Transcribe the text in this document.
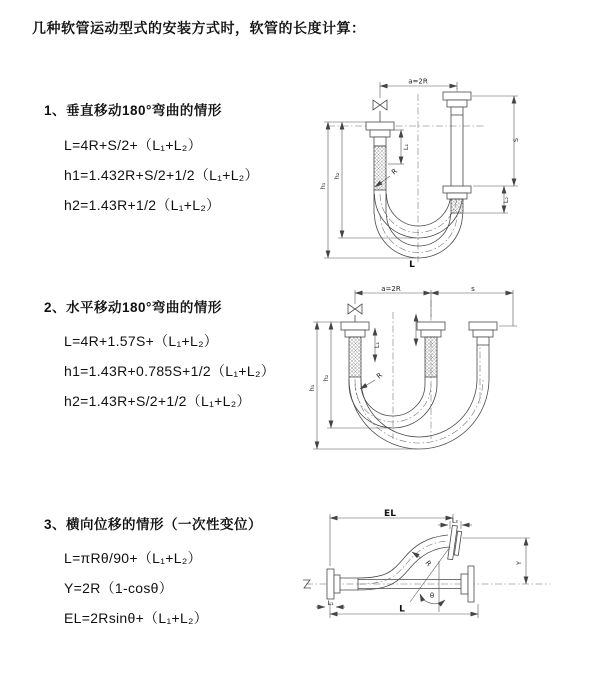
几种软管运动型式的安装方式时，软管的长度计算：
1、垂直移动180°弯曲的情形
L=4R+S/2+（L₁+L₂）
h1=1.432R+S/2+1/2（L₁+L₂）
h2=1.43R+1/2（L₁+L₂）
a=2R
L₁
h₁
h₂
S
L₂
R
L
2、水平移动180°弯曲的情形
L=4R+1.57S+（L₁+L₂）
h1=1.43R+0.785S+1/2（L₁+L₂）
h2=1.43R+S/2+1/2（L₁+L₂）
a=2R	s
h₁
h₂
L₁
R
3、横向位移的情形（一次性变位）
L=πRθ/90+（L₁+L₂）
Y=2R（1-cosθ）
EL=2Rsinθ+（L₁+L₂）
θ
R
EL
L
Y
L₂
L₁
